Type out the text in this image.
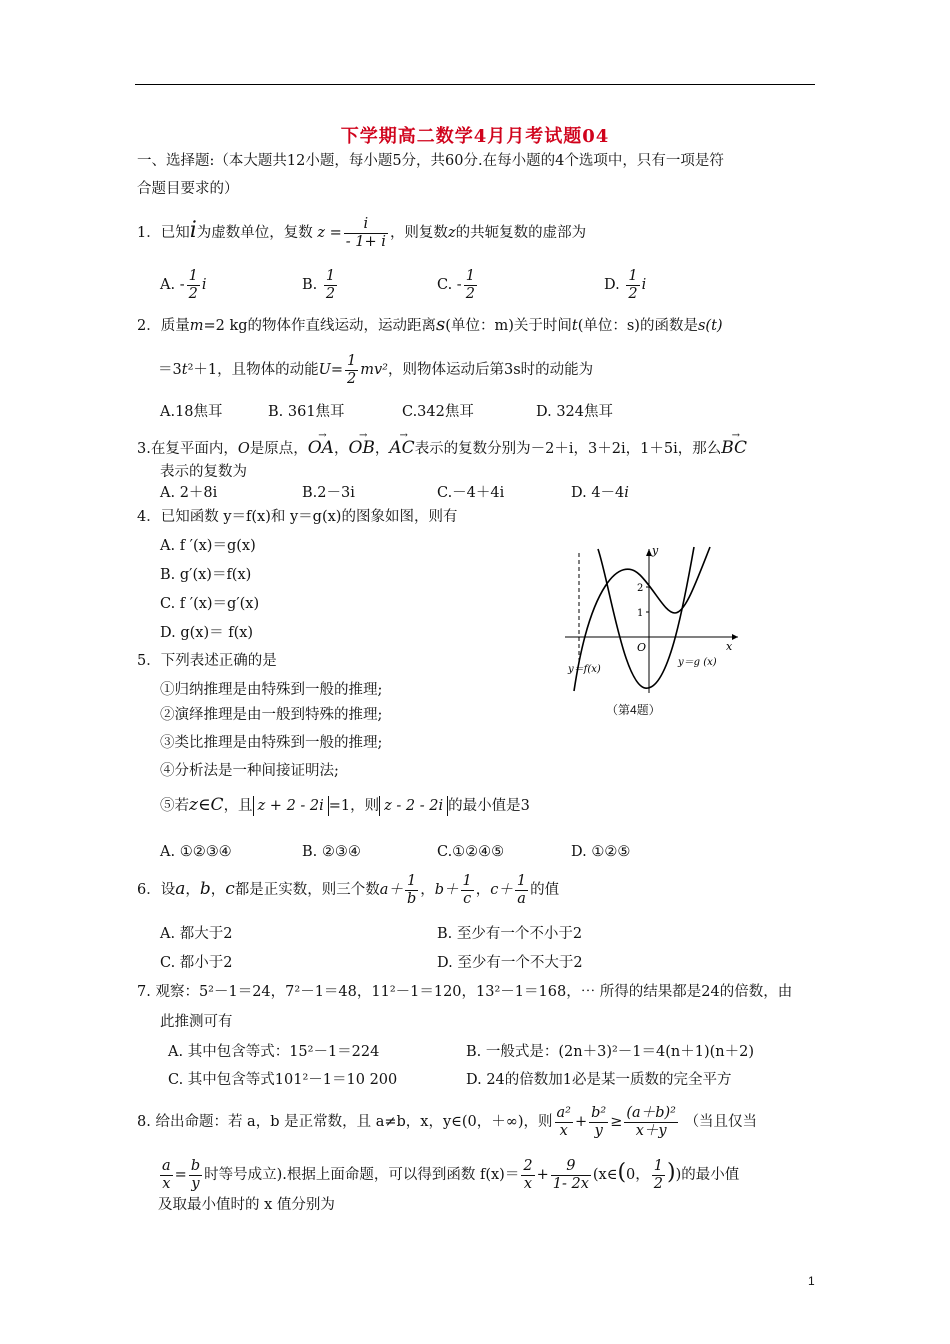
下学期高二数学4月月考试题04
一、选择题:（本大题共12小题，每小题5分，共60分.在每小题的4个选项中，只有一项是符
合题目要求的）
1．已知i为虚数单位，复数 $z = \frac{i}{- 1+ i}$ ，则复数z的共轭复数的虚部为
A. - $\frac{1}{2}$ i	B. $\frac{1}{2}$	C. - $\frac{1}{2}$	D. $\frac{1}{2}$ i
2．质量m=2 kg的物体作直线运动，运动距离s(单位：m)关于时间t(单位：s)的函数是s(t)
＝3t²＋1，且物体的动能$U= \frac{1}{2} mv^2$，则物体运动后第3s时的动能为
A.18焦耳	B. 361焦耳	C.342焦耳	D. 324焦耳
3.在复平面内，O是原点，→ OA，→ OB，→ AC表示的复数分别为－2＋i，3＋2i，1＋5i，那么→ BC
表示的复数为
A. 2＋8i	B.2－3i	C.－4＋4i	D. 4－4i
4．已知函数 y＝f(x)和 y＝g(x)的图象如图，则有
A. f ′(x)＝g(x)
B. g′(x)＝f(x)
C. f ′(x)＝g′(x)
D. g(x)＝ f(x)
y
x
O
2
1
y＝f(x)
y＝g (x)
（第4题）
5．下列表述正确的是
①归纳推理是由特殊到一般的推理;
②演绎推理是由一般到特殊的推理;
③类比推理是由特殊到一般的推理;
④分析法是一种间接证明法;
⑤若z∈C，且 z + 2 - 2i =1，则 z - 2 - 2i 的最小值是3
A. ①②③④	B. ②③④	C.①②④⑤	D. ①②⑤
6．设a，b，c都是正实数，则三个数$a+ \frac{1}{b}$ ，$b+ \frac{1}{c}$ ，$c+ \frac{1}{a}$ 的值
A. 都大于2	B. 至少有一个不小于2
C. 都小于2	D. 至少有一个不大于2
7. 观察：5²－1＝24，7²－1＝48，11²－1＝120，13²－1＝168，⋯ 所得的结果都是24的倍数，由
此推测可有
A. 其中包含等式：15²－1＝224	B. 一般式是：(2n＋3)²－1＝4(n＋1)(n＋2)
C. 其中包含等式101²－1＝10 200	D. 24的倍数加1必是某一质数的完全平方
8. 给出命题：若 a，b 是正常数，且 a≠b，x，y∈(0，＋∞)，则 $\frac{\text{a²}}{x} + \frac{\text{b²}}{y} \ge \frac{\text{(a＋b)²}}{x+y}$ （当且仅当
$\frac{a}{x} = \frac{b}{y}$ 时等号成立).根据上面命题，可以得到函数 $f(x)= \frac{2}{x} + \frac{9}{1- 2x}$ (x∈(0， $\frac{1}{2}$ ))的最小值
及取最小值时的 x 值分别为
1
